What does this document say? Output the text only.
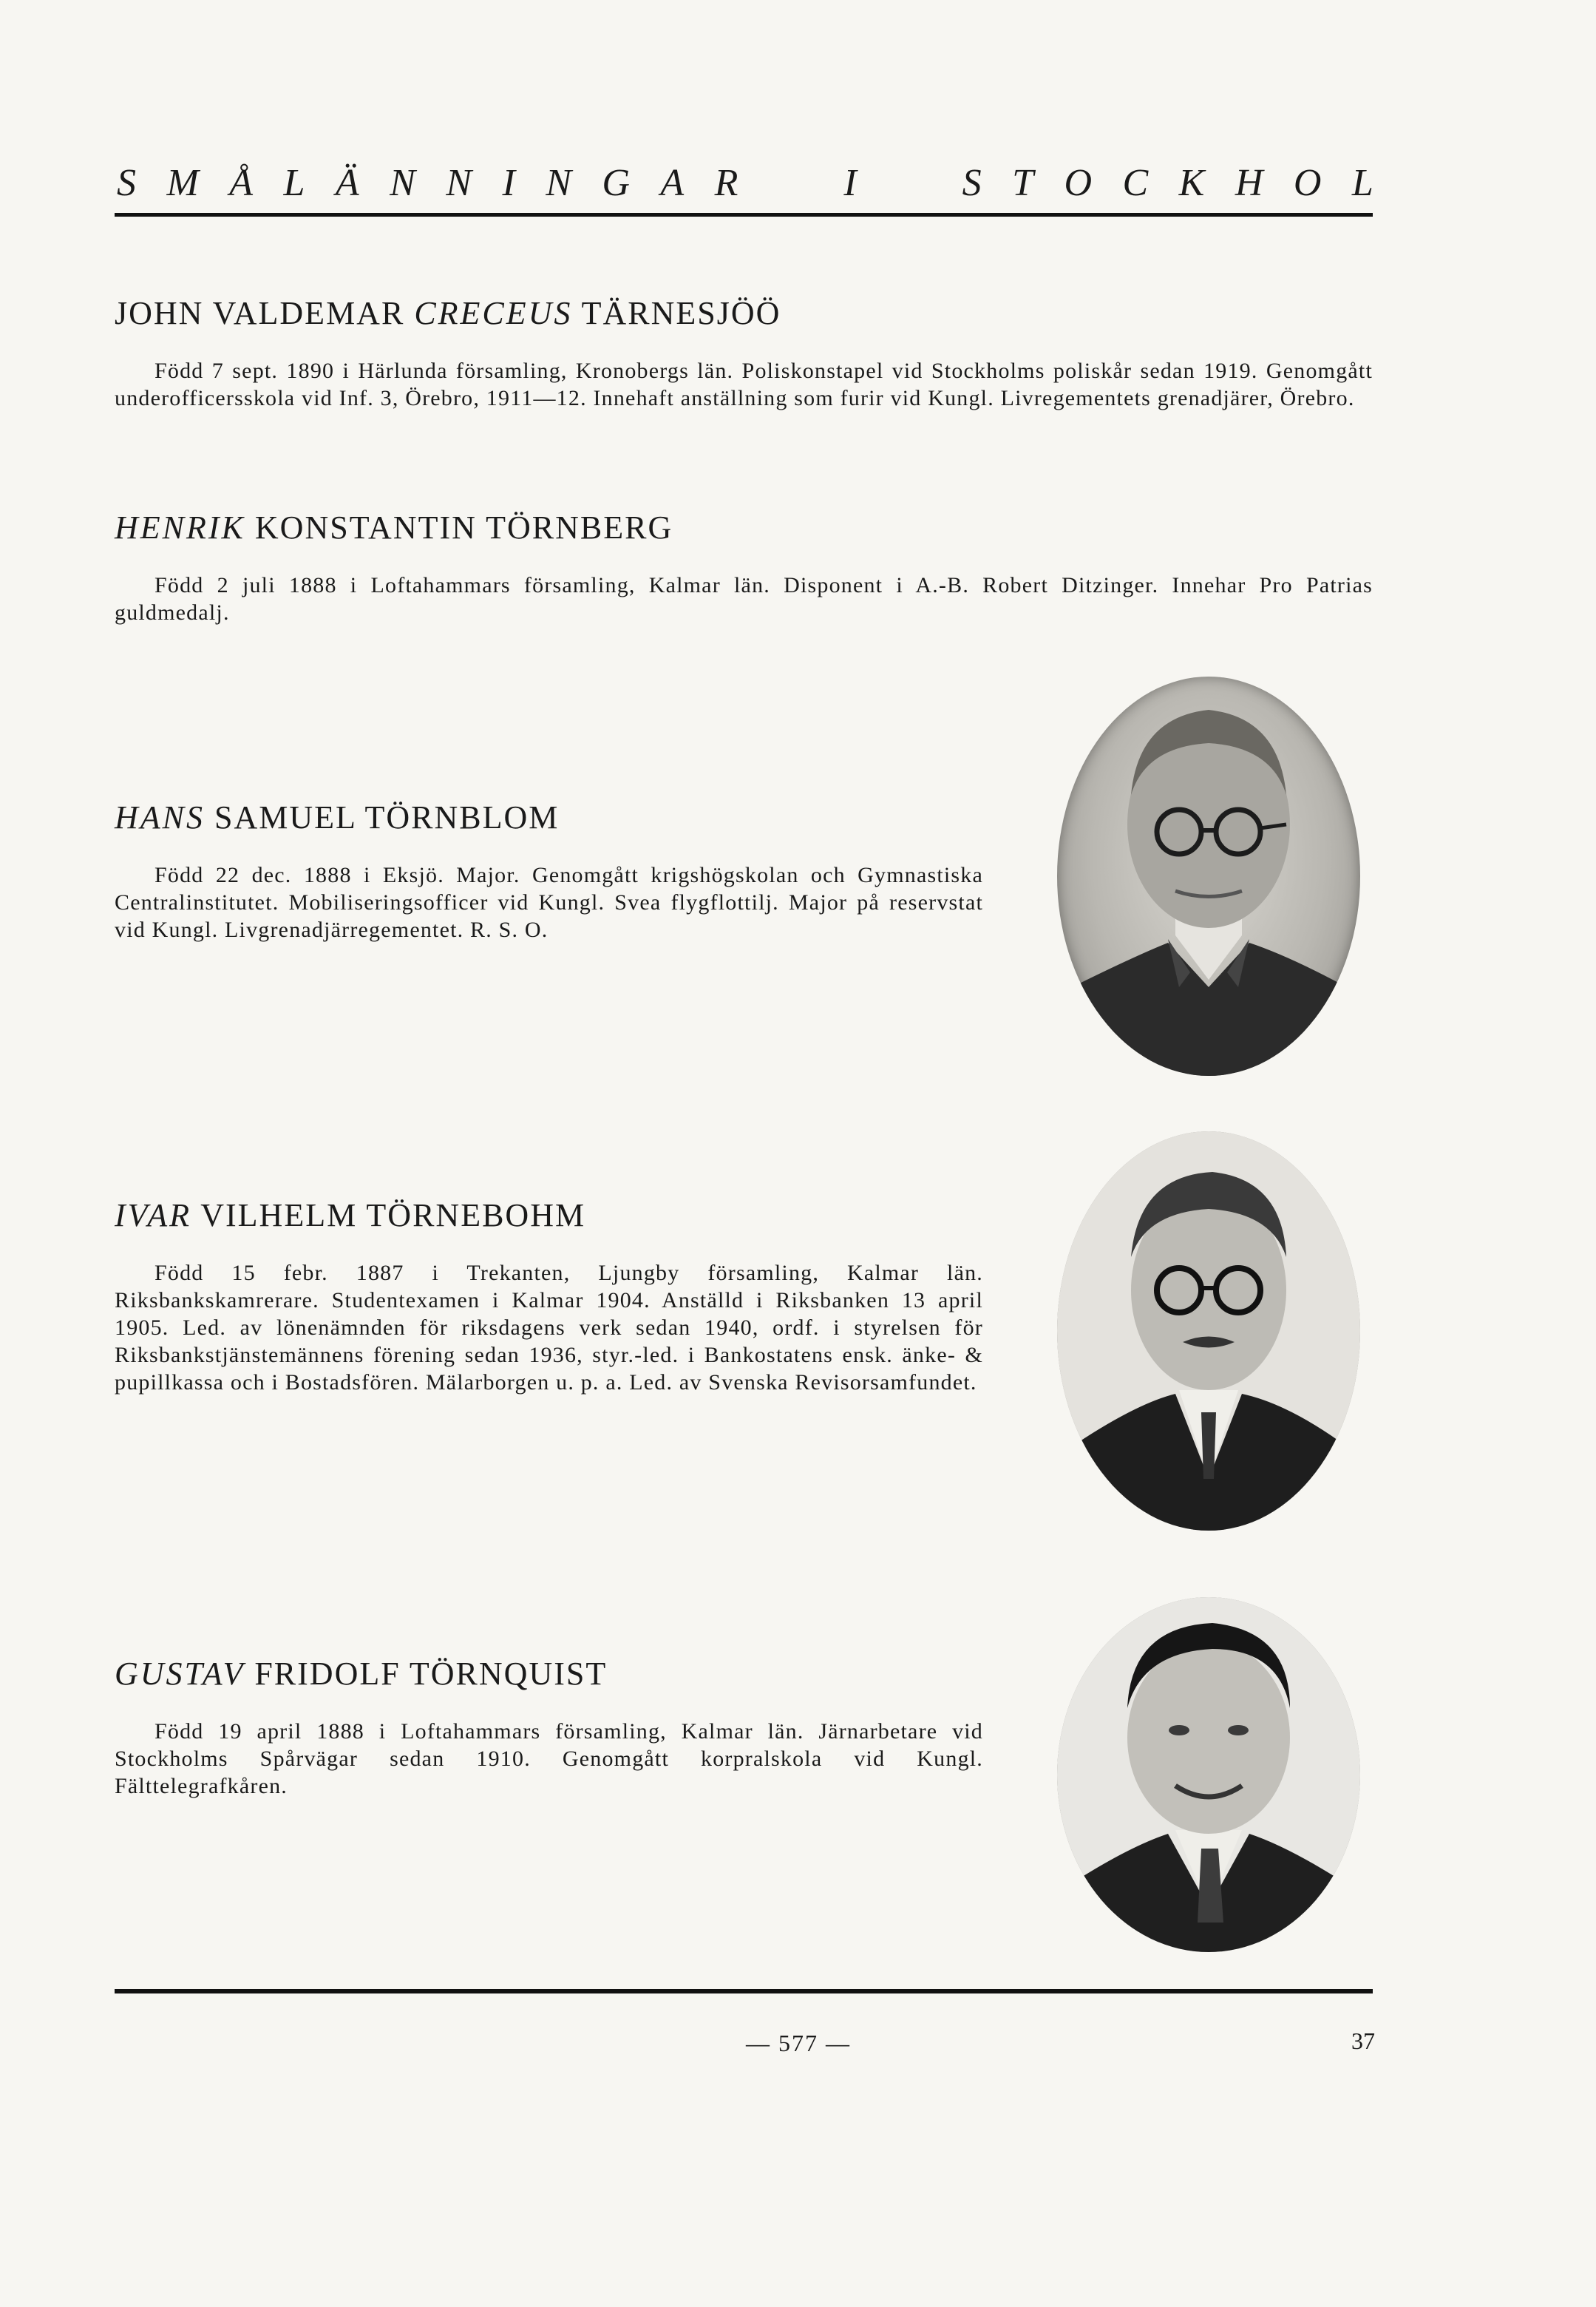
S M Å L Ä N N I N G A R	I	S T O C K H O L
JOHN VALDEMAR CRECEUS TÄRNESJÖÖ

Född 7 sept. 1890 i Härlunda församling, Kronobergs län. Poliskonstapel vid Stockholms poliskår sedan 1919. Genomgått underofficersskola vid Inf. 3, Örebro, 1911—12. Innehaft anställning som furir vid Kungl. Livregementets grenadjärer, Örebro.

HENRIK KONSTANTIN TÖRNBERG

Född 2 juli 1888 i Loftahammars församling, Kalmar län. Disponent i A.-B. Robert Ditzinger. Innehar Pro Patrias guldmedalj.

HANS SAMUEL TÖRNBLOM

Född 22 dec. 1888 i Eksjö. Major. Genomgått krigshögskolan och Gymnastiska Centralinstitutet. Mobiliseringsofficer vid Kungl. Svea flygflottilj. Major på reservstat vid Kungl. Livgrenadjärregementet. R. S. O.

IVAR VILHELM TÖRNEBOHM

Född 15 febr. 1887 i Trekanten, Ljungby församling, Kalmar län. Riksbankskamrerare. Studentexamen i Kalmar 1904. Anställd i Riksbanken 13 april 1905. Led. av lönenämnden för riksdagens verk sedan 1940, ordf. i styrelsen för Riksbankstjänstemännens förening sedan 1936, styr.-led. i Bankostatens ensk. änke- & pupillkassa och i Bostadsfören. Mälarborgen u. p. a. Led. av Svenska Revisorsamfundet.

GUSTAV FRIDOLF TÖRNQUIST

Född 19 april 1888 i Loftahammars församling, Kalmar län. Järnarbetare vid Stockholms Spårvägar sedan 1910. Genomgått korpralskola vid Kungl. Fälttelegrafkåren.

— 577 —	37
